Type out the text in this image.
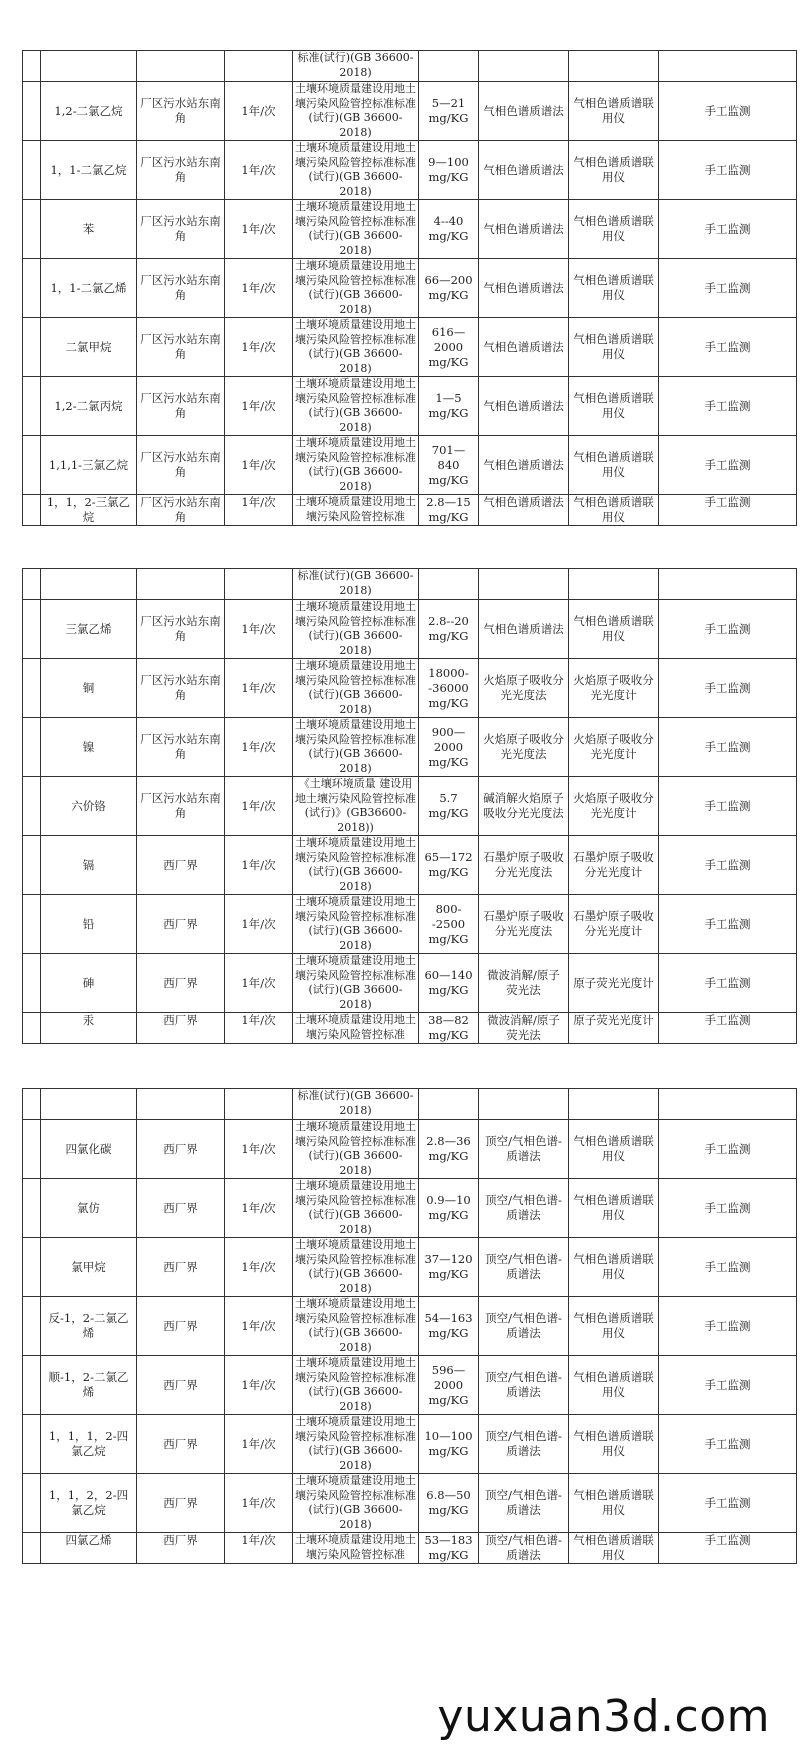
				标准(试行)(GB 36600-2018)				
	1,2-二氯乙烷	厂区污水站东南角	1年/次	土壤环境质量建设用地土壤污染风险管控标准标准(试行)(GB 36600-2018)	5—21 mg/KG	气相色谱质谱法	气相色谱质谱联用仪	手工监测
	1，1-二氯乙烷	厂区污水站东南角	1年/次	土壤环境质量建设用地土壤污染风险管控标准标准(试行)(GB 36600-2018)	9—100 mg/KG	气相色谱质谱法	气相色谱质谱联用仪	手工监测
	苯	厂区污水站东南角	1年/次	土壤环境质量建设用地土壤污染风险管控标准标准(试行)(GB 36600-2018)	4--40 mg/KG	气相色谱质谱法	气相色谱质谱联用仪	手工监测
	1，1-二氯乙烯	厂区污水站东南角	1年/次	土壤环境质量建设用地土壤污染风险管控标准标准(试行)(GB 36600-2018)	66—200 mg/KG	气相色谱质谱法	气相色谱质谱联用仪	手工监测
	二氯甲烷	厂区污水站东南角	1年/次	土壤环境质量建设用地土壤污染风险管控标准标准(试行)(GB 36600-2018)	616—2000 mg/KG	气相色谱质谱法	气相色谱质谱联用仪	手工监测
	1,2-二氯丙烷	厂区污水站东南角	1年/次	土壤环境质量建设用地土壤污染风险管控标准标准(试行)(GB 36600-2018)	1—5 mg/KG	气相色谱质谱法	气相色谱质谱联用仪	手工监测
	1,1,1-三氯乙烷	厂区污水站东南角	1年/次	土壤环境质量建设用地土壤污染风险管控标准标准(试行)(GB 36600-2018)	701—840 mg/KG	气相色谱质谱法	气相色谱质谱联用仪	手工监测
	1，1，2-三氯乙烷	厂区污水站东南角	1年/次	土壤环境质量建设用地土壤污染风险管控标准	2.8—15 mg/KG	气相色谱质谱法	气相色谱质谱联用仪	手工监测
				标准(试行)(GB 36600-2018)				
	三氯乙烯	厂区污水站东南角	1年/次	土壤环境质量建设用地土壤污染风险管控标准标准(试行)(GB 36600-2018)	2.8--20 mg/KG	气相色谱质谱法	气相色谱质谱联用仪	手工监测
	铜	厂区污水站东南角	1年/次	土壤环境质量建设用地土壤污染风险管控标准标准(试行)(GB 36600-2018)	18000--36000 mg/KG	火焰原子吸收分光光度法	火焰原子吸收分光光度计	手工监测
	镍	厂区污水站东南角	1年/次	土壤环境质量建设用地土壤污染风险管控标准标准(试行)(GB 36600-2018)	900—2000 mg/KG	火焰原子吸收分光光度法	火焰原子吸收分光光度计	手工监测
	六价铬	厂区污水站东南角	1年/次	《土壤环境质量 建设用地土壤污染风险管控标准(试行)》(GB36600-2018))	5.7 mg/KG	碱消解火焰原子吸收分光光度法	火焰原子吸收分光光度计	手工监测
	镉	西厂界	1年/次	土壤环境质量建设用地土壤污染风险管控标准标准(试行)(GB 36600-2018)	65—172 mg/KG	石墨炉原子吸收分光光度法	石墨炉原子吸收分光光度计	手工监测
	铅	西厂界	1年/次	土壤环境质量建设用地土壤污染风险管控标准标准(试行)(GB 36600-2018)	800--2500 mg/KG	石墨炉原子吸收分光光度法	石墨炉原子吸收分光光度计	手工监测
	砷	西厂界	1年/次	土壤环境质量建设用地土壤污染风险管控标准标准(试行)(GB 36600-2018)	60—140 mg/KG	微波消解/原子荧光法	原子荧光光度计	手工监测
	汞	西厂界	1年/次	土壤环境质量建设用地土壤污染风险管控标准	38—82 mg/KG	微波消解/原子荧光法	原子荧光光度计	手工监测
				标准(试行)(GB 36600-2018)				
	四氯化碳	西厂界	1年/次	土壤环境质量建设用地土壤污染风险管控标准标准(试行)(GB 36600-2018)	2.8—36 mg/KG	顶空/气相色谱-质谱法	气相色谱质谱联用仪	手工监测
	氯仿	西厂界	1年/次	土壤环境质量建设用地土壤污染风险管控标准标准(试行)(GB 36600-2018)	0.9—10 mg/KG	顶空/气相色谱-质谱法	气相色谱质谱联用仪	手工监测
	氯甲烷	西厂界	1年/次	土壤环境质量建设用地土壤污染风险管控标准标准(试行)(GB 36600-2018)	37—120 mg/KG	顶空/气相色谱-质谱法	气相色谱质谱联用仪	手工监测
	反-1，2-二氯乙烯	西厂界	1年/次	土壤环境质量建设用地土壤污染风险管控标准标准(试行)(GB 36600-2018)	54—163 mg/KG	顶空/气相色谱-质谱法	气相色谱质谱联用仪	手工监测
	顺-1，2-二氯乙烯	西厂界	1年/次	土壤环境质量建设用地土壤污染风险管控标准标准(试行)(GB 36600-2018)	596—2000 mg/KG	顶空/气相色谱-质谱法	气相色谱质谱联用仪	手工监测
	1，1，1，2-四氯乙烷	西厂界	1年/次	土壤环境质量建设用地土壤污染风险管控标准标准(试行)(GB 36600-2018)	10—100 mg/KG	顶空/气相色谱-质谱法	气相色谱质谱联用仪	手工监测
	1，1，2，2-四氯乙烷	西厂界	1年/次	土壤环境质量建设用地土壤污染风险管控标准标准(试行)(GB 36600-2018)	6.8—50 mg/KG	顶空/气相色谱-质谱法	气相色谱质谱联用仪	手工监测
	四氯乙烯	西厂界	1年/次	土壤环境质量建设用地土壤污染风险管控标准	53—183 mg/KG	顶空/气相色谱-质谱法	气相色谱质谱联用仪	手工监测
yuxuan3d.com
